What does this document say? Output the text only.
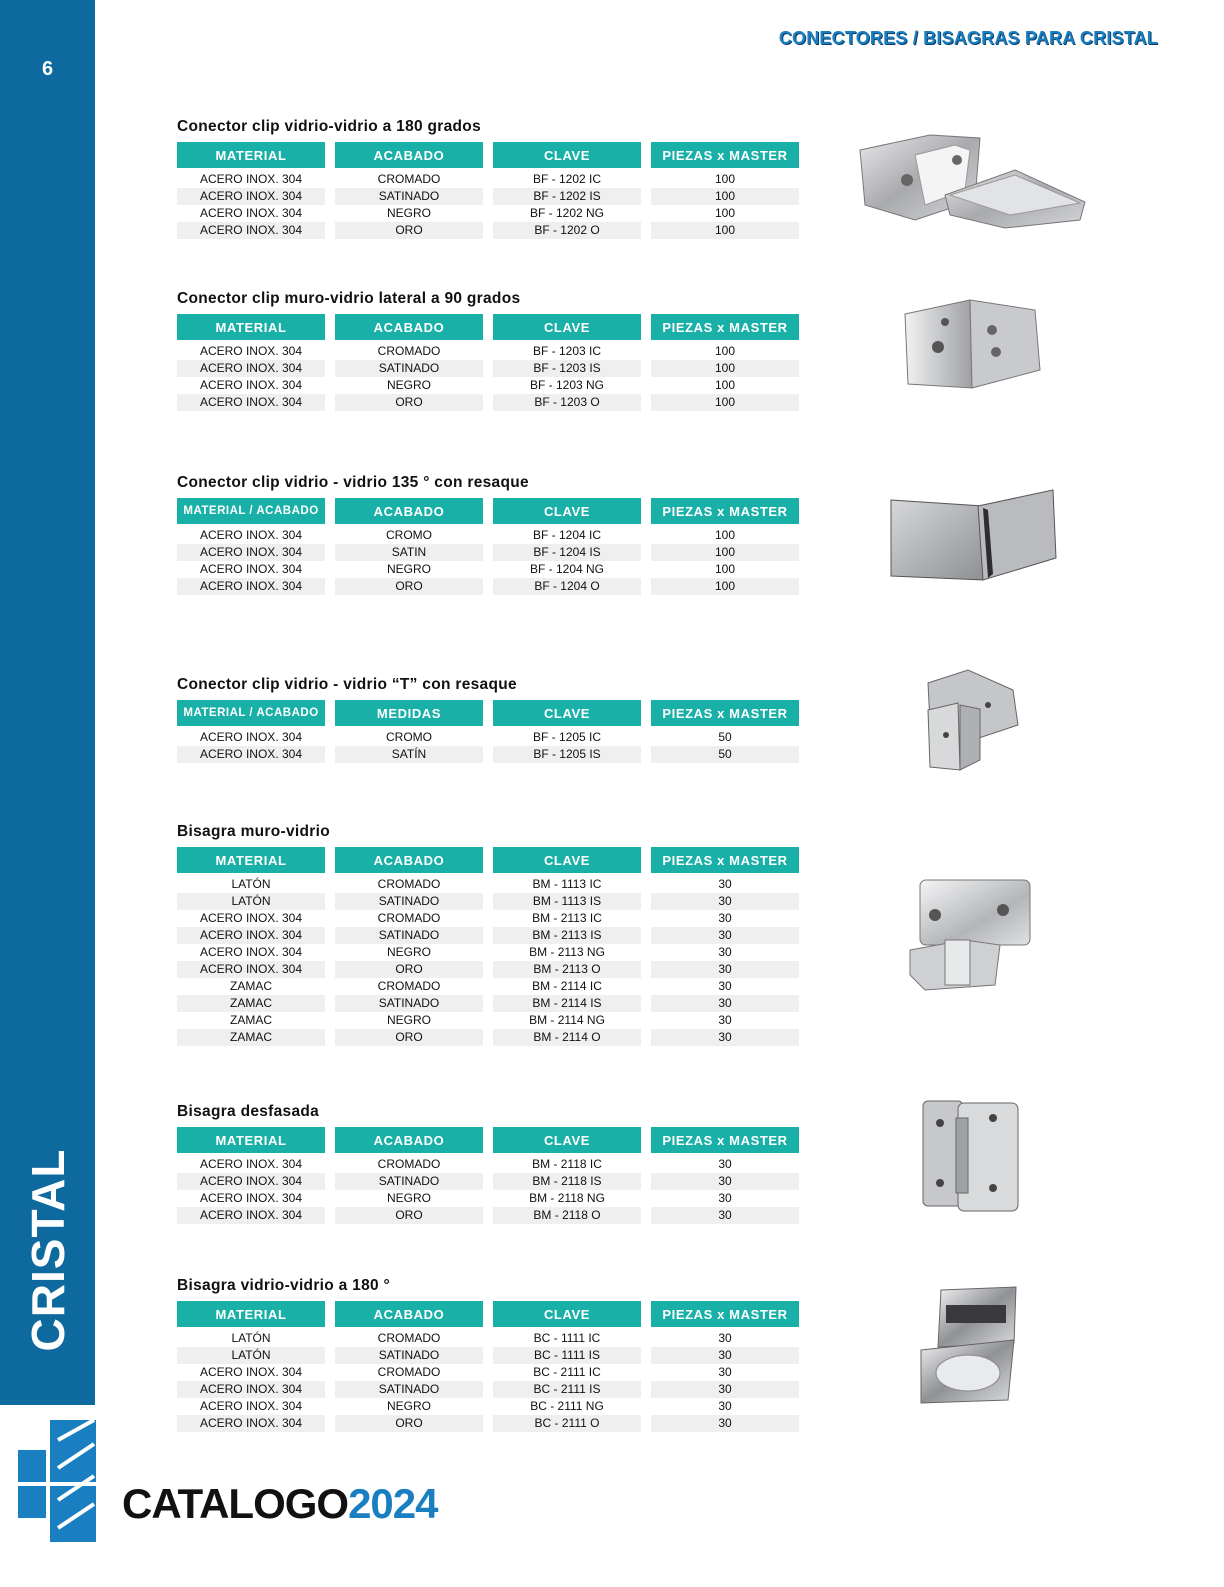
6
CRISTAL
CONECTORES / BISAGRAS PARA CRISTAL
Conector clip vidrio-vidrio a 180 grados
MATERIAL
ACERO INOX. 304
ACERO INOX. 304
ACERO INOX. 304
ACERO INOX. 304
ACABADO
CROMADO
SATINADO
NEGRO
ORO
CLAVE
BF - 1202 IC
BF - 1202 IS
BF - 1202 NG
BF - 1202 O
PIEZAS x MASTER
100
100
100
100
Conector clip muro-vidrio lateral a 90 grados
MATERIAL
ACERO INOX. 304
ACERO INOX. 304
ACERO INOX. 304
ACERO INOX. 304
ACABADO
CROMADO
SATINADO
NEGRO
ORO
CLAVE
BF - 1203 IC
BF - 1203 IS
BF - 1203 NG
BF - 1203 O
PIEZAS x MASTER
100
100
100
100
Conector clip vidrio - vidrio 135 ° con resaque
MATERIAL / ACABADO
ACERO INOX. 304
ACERO INOX. 304
ACERO INOX. 304
ACERO INOX. 304
ACABADO
CROMO
SATIN
NEGRO
ORO
CLAVE
BF - 1204 IC
BF - 1204 IS
BF - 1204 NG
BF - 1204 O
PIEZAS x MASTER
100
100
100
100
Conector clip vidrio - vidrio “T” con resaque
MATERIAL / ACABADO
ACERO INOX. 304
ACERO INOX. 304
MEDIDAS
CROMO
SATÍN
CLAVE
BF - 1205 IC
BF - 1205 IS
PIEZAS x MASTER
50
50
Bisagra muro-vidrio
MATERIAL
LATÓN
LATÓN
ACERO INOX. 304
ACERO INOX. 304
ACERO INOX. 304
ACERO INOX. 304
ZAMAC
ZAMAC
ZAMAC
ZAMAC
ACABADO
CROMADO
SATINADO
CROMADO
SATINADO
NEGRO
ORO
CROMADO
SATINADO
NEGRO
ORO
CLAVE
BM - 1113 IC
BM - 1113 IS
BM - 2113 IC
BM - 2113 IS
BM - 2113 NG
BM - 2113 O
BM - 2114 IC
BM - 2114 IS
BM - 2114 NG
BM - 2114 O
PIEZAS x MASTER
30
30
30
30
30
30
30
30
30
30
Bisagra desfasada
MATERIAL
ACERO INOX. 304
ACERO INOX. 304
ACERO INOX. 304
ACERO INOX. 304
ACABADO
CROMADO
SATINADO
NEGRO
ORO
CLAVE
BM - 2118 IC
BM - 2118 IS
BM - 2118 NG
BM - 2118 O
PIEZAS x MASTER
30
30
30
30
Bisagra vidrio-vidrio a 180 °
MATERIAL
LATÓN
LATÓN
ACERO INOX. 304
ACERO INOX. 304
ACERO INOX. 304
ACERO INOX. 304
ACABADO
CROMADO
SATINADO
CROMADO
SATINADO
NEGRO
ORO
CLAVE
BC - 1111 IC
BC - 1111 IS
BC - 2111 IC
BC - 2111 IS
BC - 2111 NG
BC - 2111 O
PIEZAS x MASTER
30
30
30
30
30
30
CATALOGO2024
